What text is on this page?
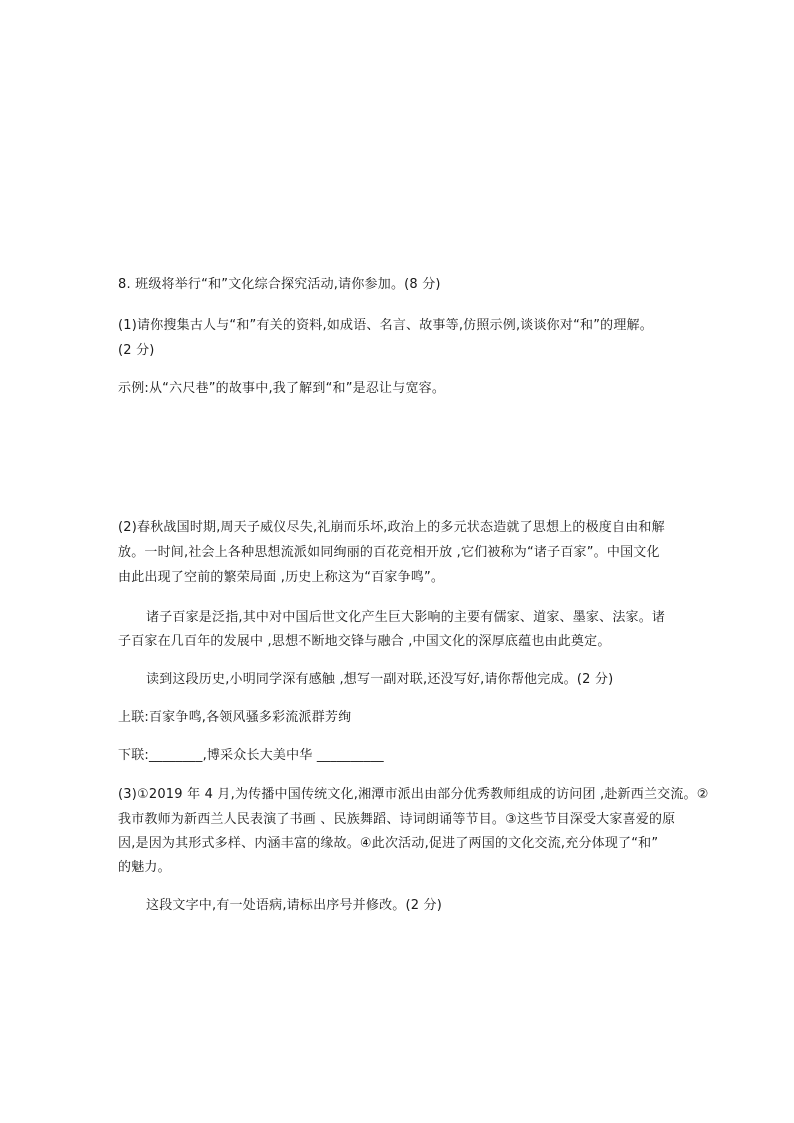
8. 班级将举行“和”文化综合探究活动,请你参加。(8 分)
(1)请你搜集古人与“和”有关的资料,如成语、名言、故事等,仿照示例,谈谈你对“和”的理解。
(2 分)
示例:从“六尺巷”的故事中,我了解到“和”是忍让与宽容。
(2)春秋战国时期,周天子威仪尽失,礼崩而乐坏,政治上的多元状态造就了思想上的极度自由和解
放。一时间,社会上各种思想流派如同绚丽的百花竞相开放 ,它们被称为“诸子百家”。中国文化
由此出现了空前的繁荣局面 ,历史上称这为“百家争鸣”。
诸子百家是泛指,其中对中国后世文化产生巨大影响的主要有儒家、道家、墨家、法家。诸
子百家在几百年的发展中 ,思想不断地交锋与融合 ,中国文化的深厚底蕴也由此奠定。
读到这段历史,小明同学深有感触 ,想写一副对联,还没写好,请你帮他完成。(2 分)
上联:百家争鸣,各领风骚多彩流派群芳绚
下联:________,博采众长大美中华 __________
(3)①2019 年 4 月,为传播中国传统文化,湘潭市派出由部分优秀教师组成的访问团 ,赴新西兰交流。②
我市教师为新西兰人民表演了书画 、民族舞蹈、诗词朗诵等节目。③这些节目深受大家喜爱的原
因,是因为其形式多样、内涵丰富的缘故。④此次活动,促进了两国的文化交流,充分体现了“和”
的魅力。
这段文字中,有一处语病,请标出序号并修改。(2 分)
